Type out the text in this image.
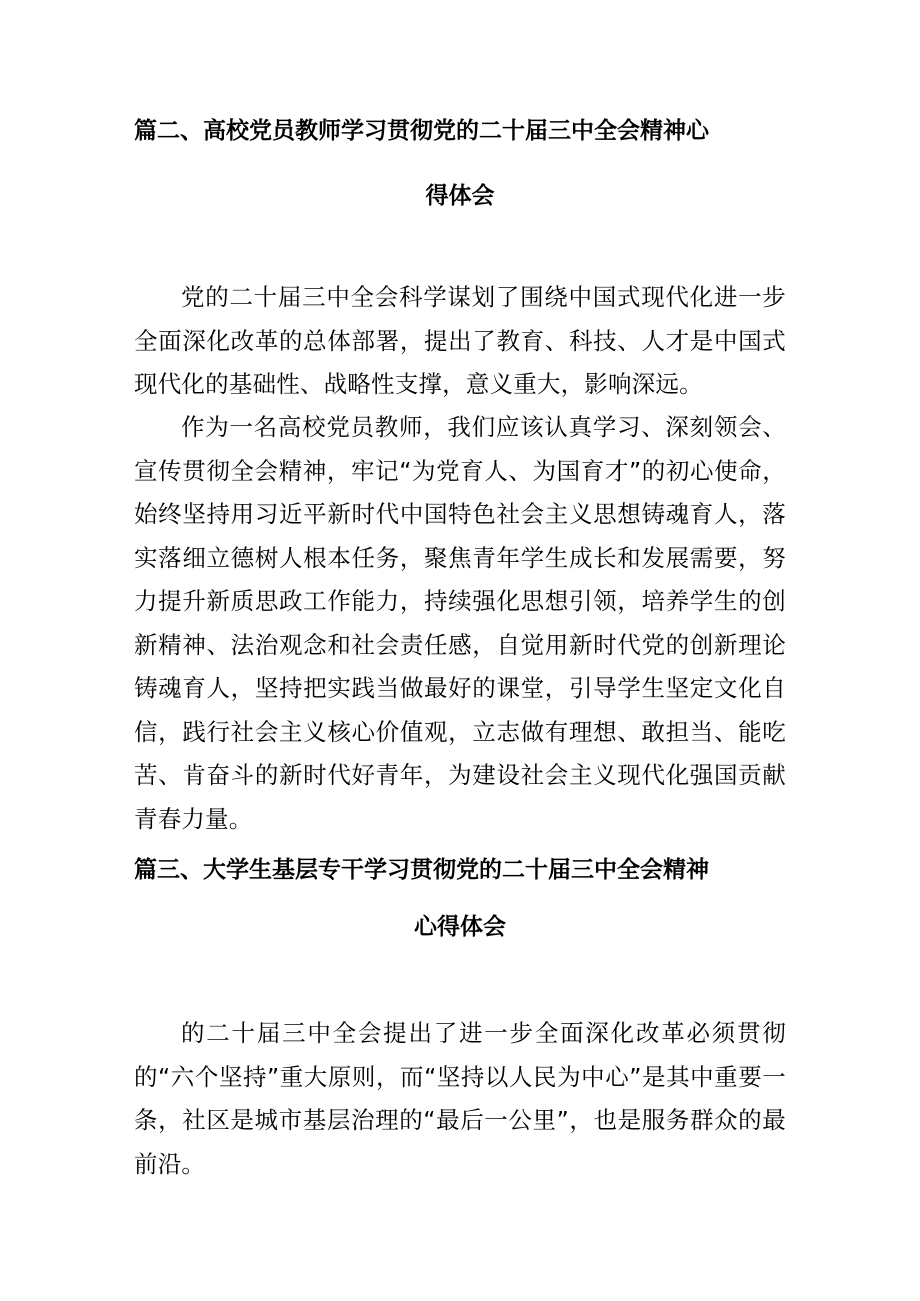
篇二、高校党员教师学习贯彻党的二十届三中全会精神心
得体会

党的二十届三中全会科学谋划了围绕中国式现代化进一步全面深化改革的总体部署，提出了教育、科技、人才是中国式现代化的基础性、战略性支撑，意义重大，影响深远。

作为一名高校党员教师，我们应该认真学习、深刻领会、宣传贯彻全会精神，牢记“为党育人、为国育才”的初心使命，始终坚持用习近平新时代中国特色社会主义思想铸魂育人，落实落细立德树人根本任务，聚焦青年学生成长和发展需要，努力提升新质思政工作能力，持续强化思想引领，培养学生的创新精神、法治观念和社会责任感，自觉用新时代党的创新理论铸魂育人，坚持把实践当做最好的课堂，引导学生坚定文化自信，践行社会主义核心价值观，立志做有理想、敢担当、能吃苦、肯奋斗的新时代好青年，为建设社会主义现代化强国贡献青春力量。

篇三、大学生基层专干学习贯彻党的二十届三中全会精神
心得体会

的二十届三中全会提出了进一步全面深化改革必须贯彻的“六个坚持”重大原则，而“坚持以人民为中心”是其中重要一条，社区是城市基层治理的“最后一公里”，也是服务群众的最前沿。
